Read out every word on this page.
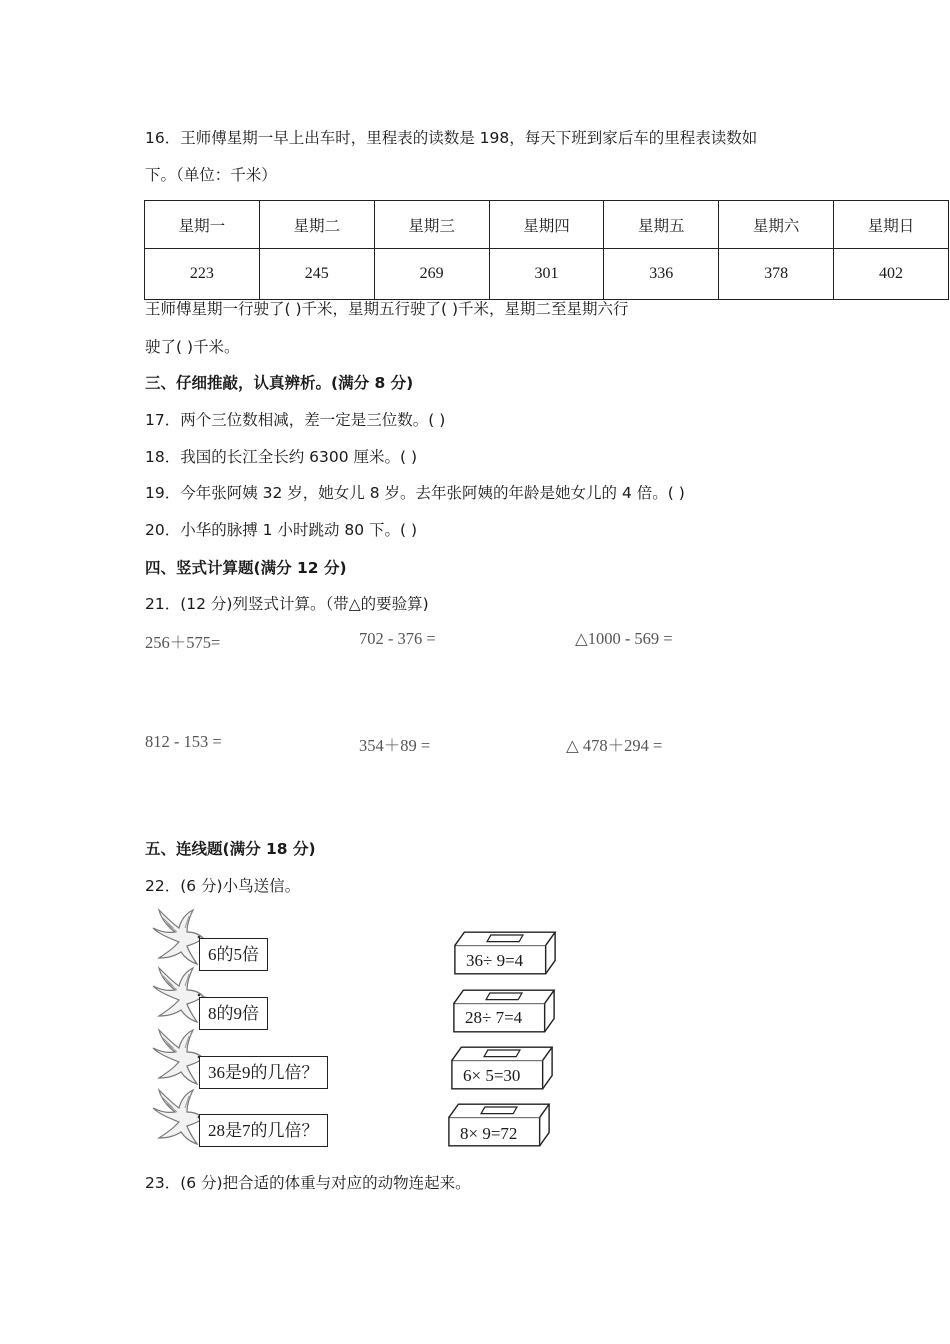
16．王师傅星期一早上出车时，里程表的读数是 198，每天下班到家后车的里程表读数如
下。（单位：千米）
星期一	星期二	星期三	星期四	星期五	星期六	星期日
223	245	269	301	336	378	402
王师傅星期一行驶了( )千米，星期五行驶了( )千米，星期二至星期六行
驶了( )千米。
三、仔细推敲，认真辨析。(满分 8 分)
17．两个三位数相减，差一定是三位数。( )
18．我国的长江全长约 6300 厘米。( )
19．今年张阿姨 32 岁，她女儿 8 岁。去年张阿姨的年龄是她女儿的 4 倍。( )
20．小华的脉搏 1 小时跳动 80 下。( )
四、竖式计算题(满分 12 分)
21．(12 分)列竖式计算。（带△的要验算)
256＋575=	702 - 376 =	△1000 - 569 =
812 - 153 =	354＋89 =	△ 478＋294 =
五、连线题(满分 18 分)
22．(6 分)小鸟送信。
6的5倍
8的9倍
36是9的几倍？
28是7的几倍？
36÷ 9=4
28÷ 7=4
6× 5=30
8× 9=72
23．(6 分)把合适的体重与对应的动物连起来。
